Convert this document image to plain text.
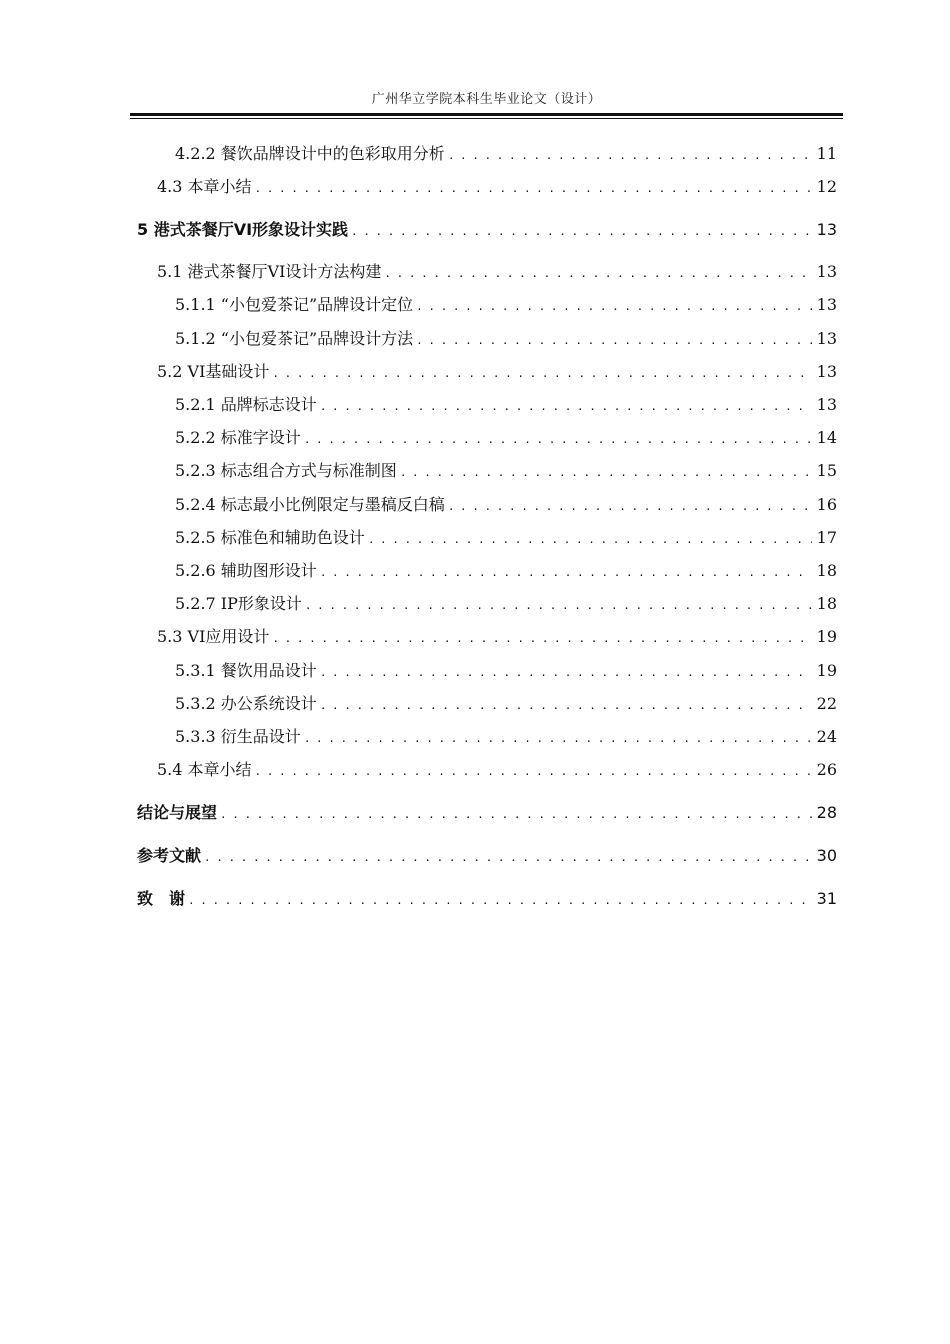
广州华立学院本科生毕业论文（设计）
4.2.2 餐饮品牌设计中的色彩取用分析 . . .	11
4.3 本章小结 . . .	12
5 港式茶餐厅VI形象设计实践 . . .	13
5.1 港式茶餐厅VI设计方法构建 . . .	13
5.1.1 “小包爱茶记”品牌设计定位 . . .	13
5.1.2 “小包爱茶记”品牌设计方法 . . .	13
5.2 VI基础设计 . . .	13
5.2.1 品牌标志设计 . . .	13
5.2.2 标准字设计 . . .	14
5.2.3 标志组合方式与标准制图 . . .	15
5.2.4 标志最小比例限定与墨稿反白稿 . . .	16
5.2.5 标准色和辅助色设计 . . .	17
5.2.6 辅助图形设计 . . .	18
5.2.7 IP形象设计 . . .	18
5.3 VI应用设计 . . .	19
5.3.1 餐饮用品设计 . . .	19
5.3.2 办公系统设计 . . .	22
5.3.3 衍生品设计 . . .	24
5.4 本章小结 . . .	26
结论与展望 . . .	28
参考文献 . . .	30
致　谢 . . .	31
